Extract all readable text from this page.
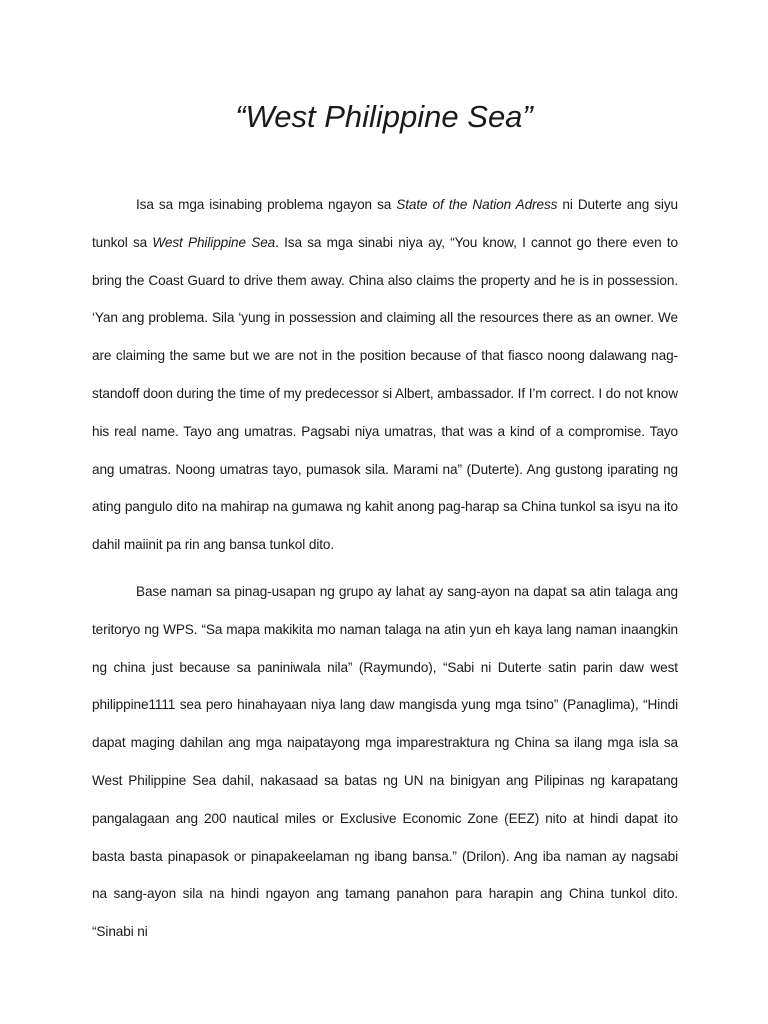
“West Philippine Sea”

Isa sa mga isinabing problema ngayon sa State of the Nation Adress ni Duterte ang siyu tunkol sa West Philippine Sea. Isa sa mga sinabi niya ay, “You know, I cannot go there even to bring the Coast Guard to drive them away. China also claims the property and he is in possession. ‘Yan ang problema. Sila ‘yung in possession and claiming all the resources there as an owner. We are claiming the same but we are not in the position because of that fiasco noong dalawang nag-standoff doon during the time of my predecessor si Albert, ambassador. If I’m correct. I do not know his real name. Tayo ang umatras. Pagsabi niya umatras, that was a kind of a compromise. Tayo ang umatras. Noong umatras tayo, pumasok sila. Marami na” (Duterte). Ang gustong iparating ng ating pangulo dito na mahirap na gumawa ng kahit anong pag-harap sa China tunkol sa isyu na ito dahil maiinit pa rin ang bansa tunkol dito.

Base naman sa pinag-usapan ng grupo ay lahat ay sang-ayon na dapat sa atin talaga ang teritoryo ng WPS. “Sa mapa makikita mo naman talaga na atin yun eh kaya lang naman inaangkin ng china just because sa paniniwala nila” (Raymundo), “Sabi ni Duterte satin parin daw west philippine1111 sea pero hinahayaan niya lang daw mangisda yung mga tsino” (Panaglima), “Hindi dapat maging dahilan ang mga naipatayong mga imparestraktura ng China sa ilang mga isla sa West Philippine Sea dahil, nakasaad sa batas ng UN na binigyan ang Pilipinas ng karapatang pangalagaan ang 200 nautical miles or Exclusive Economic Zone (EEZ) nito at hindi dapat ito basta basta pinapasok or pinapakeelaman ng ibang bansa.” (Drilon). Ang iba naman ay nagsabi na sang-ayon sila na hindi ngayon ang tamang panahon para harapin ang China tunkol dito. “Sinabi ni
